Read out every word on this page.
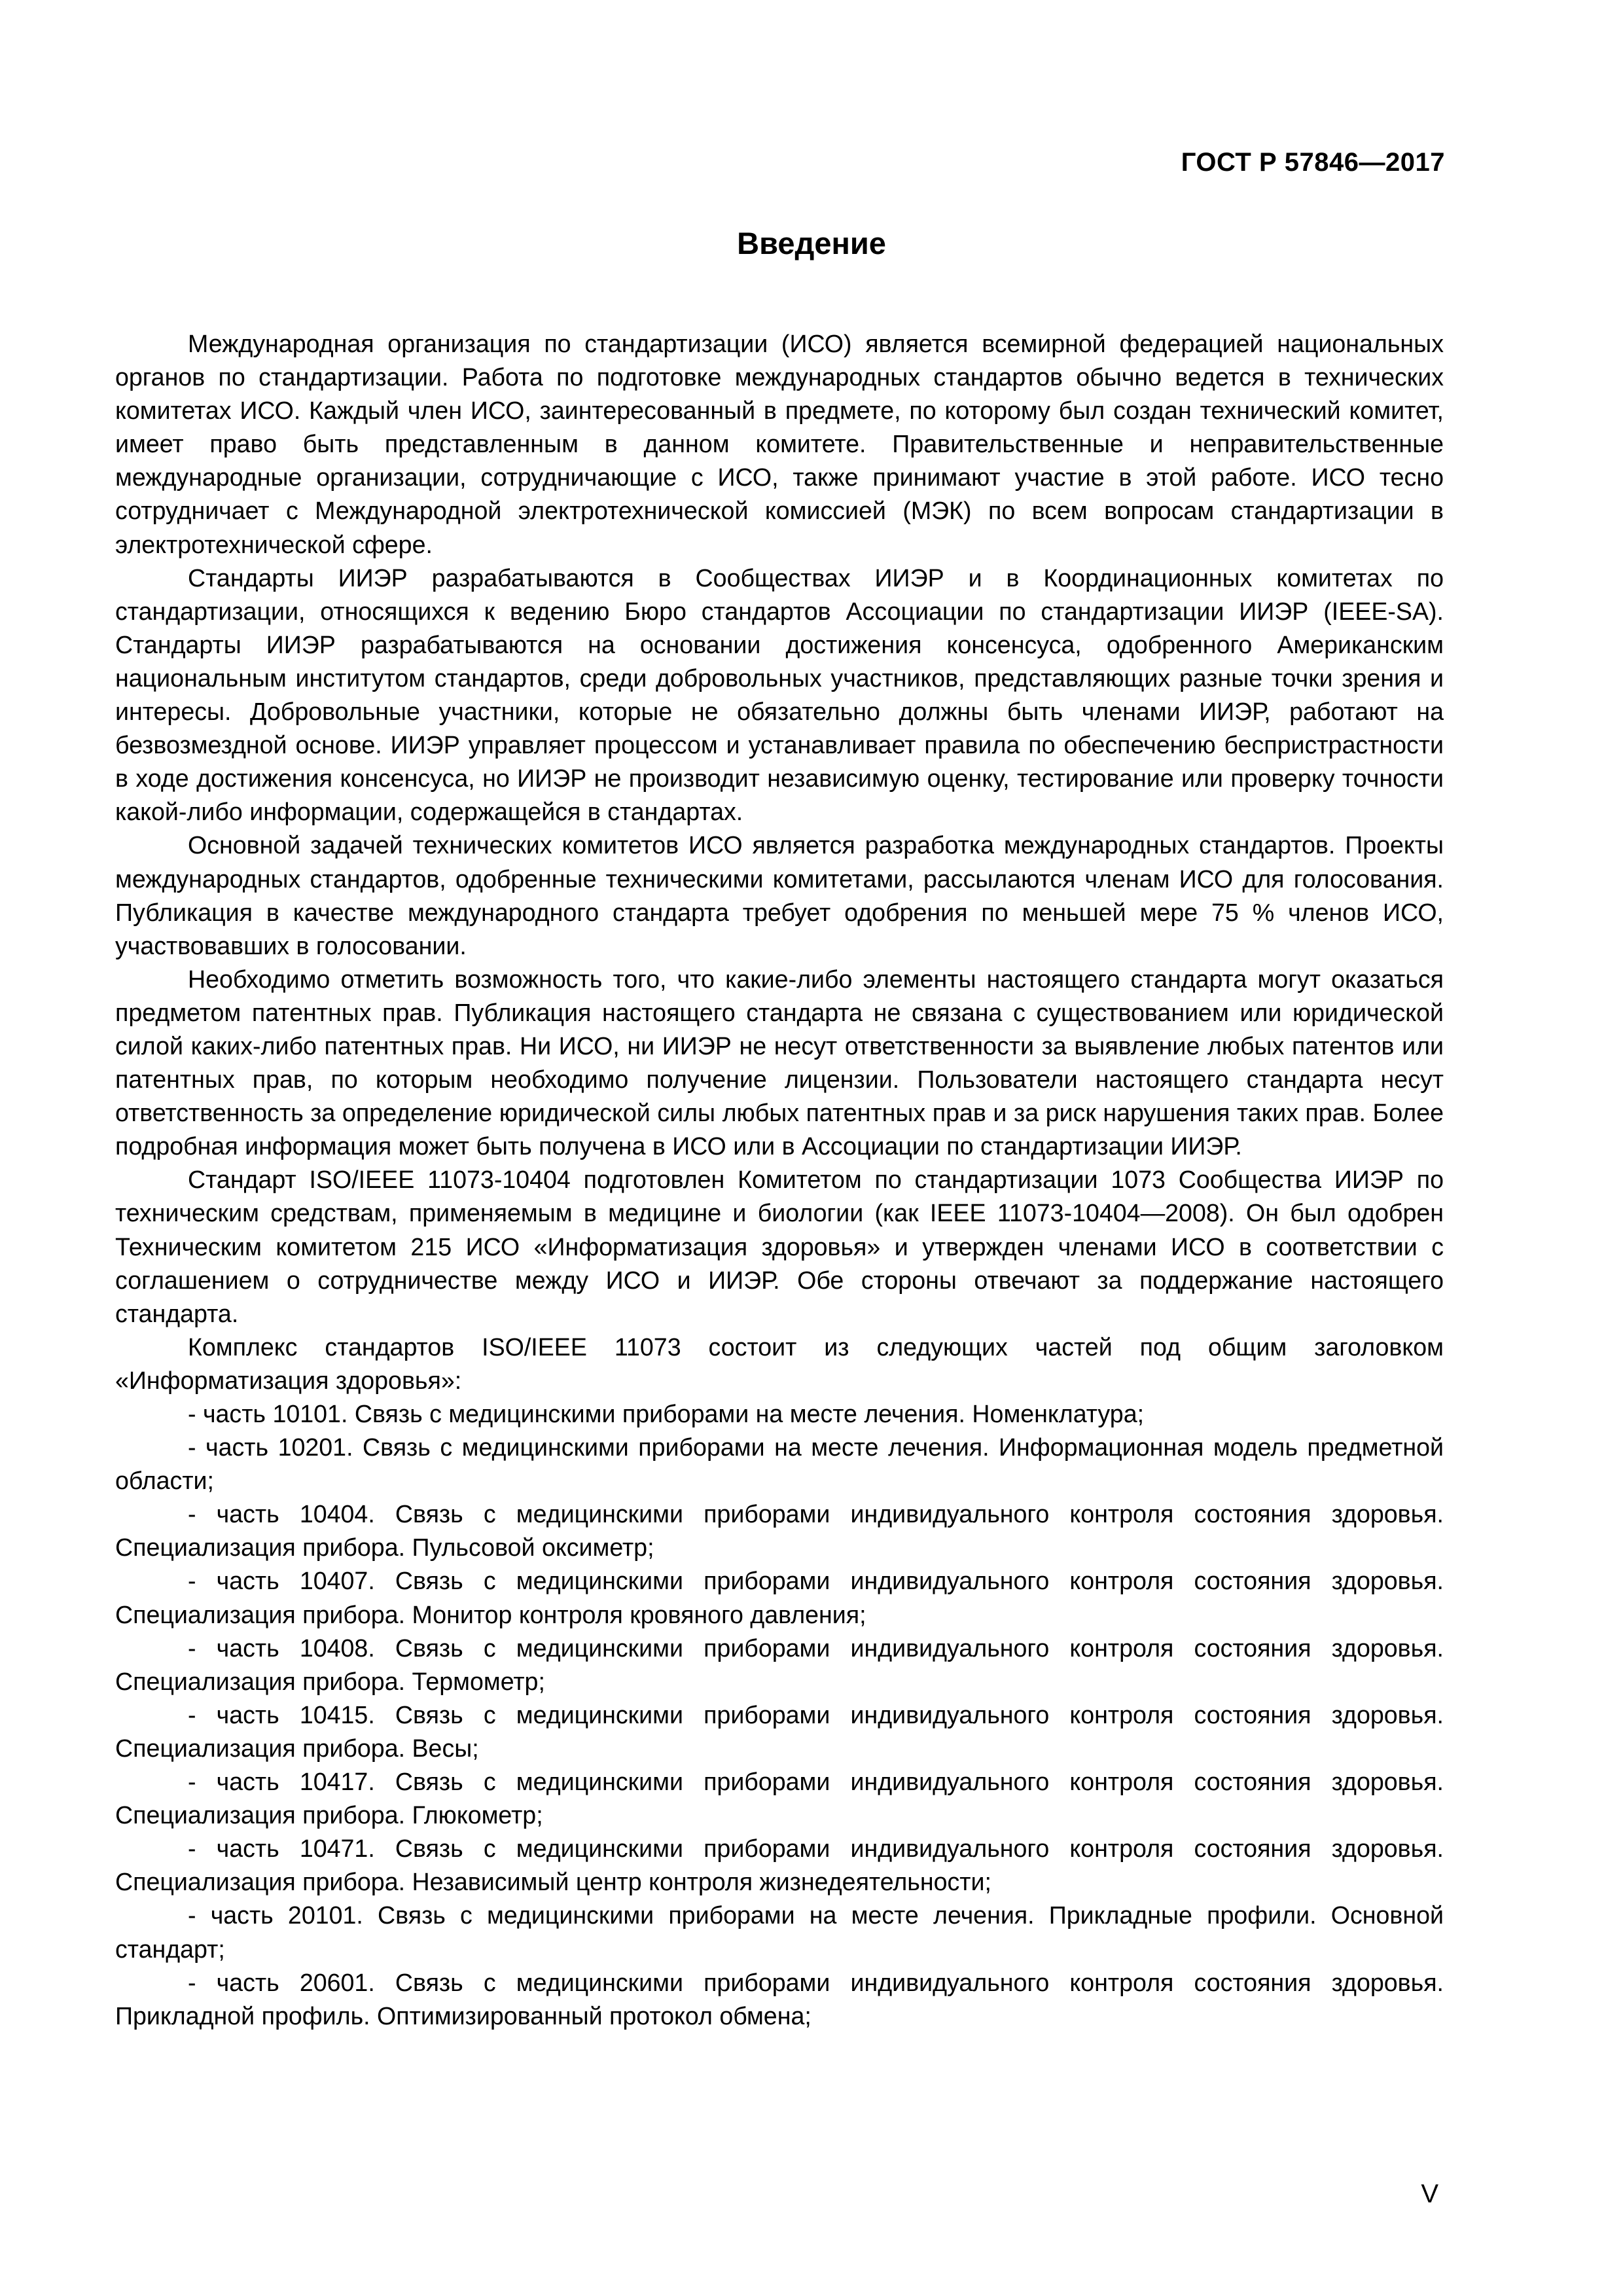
ГОСТ Р 57846—2017
Введение

Международная организация по стандартизации (ИСО) является всемирной федерацией национальных органов по стандартизации. Работа по подготовке международных стандартов обычно ведется в технических комитетах ИСО. Каждый член ИСО, заинтересованный в предмете, по которому был создан технический комитет, имеет право быть представленным в данном комитете. Правительственные и неправительственные международные организации, сотрудничающие с ИСО, также принимают участие в этой работе. ИСО тесно сотрудничает с Международной электротехнической комиссией (МЭК) по всем вопросам стандартизации в электротехнической сфере.

Стандарты ИИЭР разрабатываются в Сообществах ИИЭР и в Координационных комитетах по стандартизации, относящихся к ведению Бюро стандартов Ассоциации по стандартизации ИИЭР (IEEE-SA). Стандарты ИИЭР разрабатываются на основании достижения консенсуса, одобренного Американским национальным институтом стандартов, среди добровольных участников, представляющих разные точки зрения и интересы. Добровольные участники, которые не обязательно должны быть членами ИИЭР, работают на безвозмездной основе. ИИЭР управляет процессом и устанавливает правила по обеспечению беспристрастности в ходе достижения консенсуса, но ИИЭР не производит независимую оценку, тестирование или проверку точности какой-либо информации, содержащейся в стандартах.

Основной задачей технических комитетов ИСО является разработка международных стандартов. Проекты международных стандартов, одобренные техническими комитетами, рассылаются членам ИСО для голосования. Публикация в качестве международного стандарта требует одобрения по меньшей мере 75 % членов ИСО, участвовавших в голосовании.

Необходимо отметить возможность того, что какие-либо элементы настоящего стандарта могут оказаться предметом патентных прав. Публикация настоящего стандарта не связана с существованием или юридической силой каких-либо патентных прав. Ни ИСО, ни ИИЭР не несут ответственности за выявление любых патентов или патентных прав, по которым необходимо получение лицензии. Пользователи настоящего стандарта несут ответственность за определение юридической силы любых патентных прав и за риск нарушения таких прав. Более подробная информация может быть получена в ИСО или в Ассоциации по стандартизации ИИЭР.

Стандарт ISO/IEEE 11073-10404 подготовлен Комитетом по стандартизации 1073 Сообщества ИИЭР по техническим средствам, применяемым в медицине и биологии (как IEEE 11073-10404—2008). Он был одобрен Техническим комитетом 215 ИСО «Информатизация здоровья» и утвержден членами ИСО в соответствии с соглашением о сотрудничестве между ИСО и ИИЭР. Обе стороны отвечают за поддержание настоящего стандарта.

Комплекс стандартов ISO/IEEE 11073 состоит из следующих частей под общим заголовком «Информатизация здоровья»:

- часть 10101. Связь с медицинскими приборами на месте лечения. Номенклатура;

- часть 10201. Связь с медицинскими приборами на месте лечения. Информационная модель предметной области;

- часть 10404. Связь с медицинскими приборами индивидуального контроля состояния здоровья. Специализация прибора. Пульсовой оксиметр;

- часть 10407. Связь с медицинскими приборами индивидуального контроля состояния здоровья. Специализация прибора. Монитор контроля кровяного давления;

- часть 10408. Связь с медицинскими приборами индивидуального контроля состояния здоровья. Специализация прибора. Термометр;

- часть 10415. Связь с медицинскими приборами индивидуального контроля состояния здоровья. Специализация прибора. Весы;

- часть 10417. Связь с медицинскими приборами индивидуального контроля состояния здоровья. Специализация прибора. Глюкометр;

- часть 10471. Связь с медицинскими приборами индивидуального контроля состояния здоровья. Специализация прибора. Независимый центр контроля жизнедеятельности;

- часть 20101. Связь с медицинскими приборами на месте лечения. Прикладные профили. Основной стандарт;

- часть 20601. Связь с медицинскими приборами индивидуального контроля состояния здоровья. Прикладной профиль. Оптимизированный протокол обмена;

V
